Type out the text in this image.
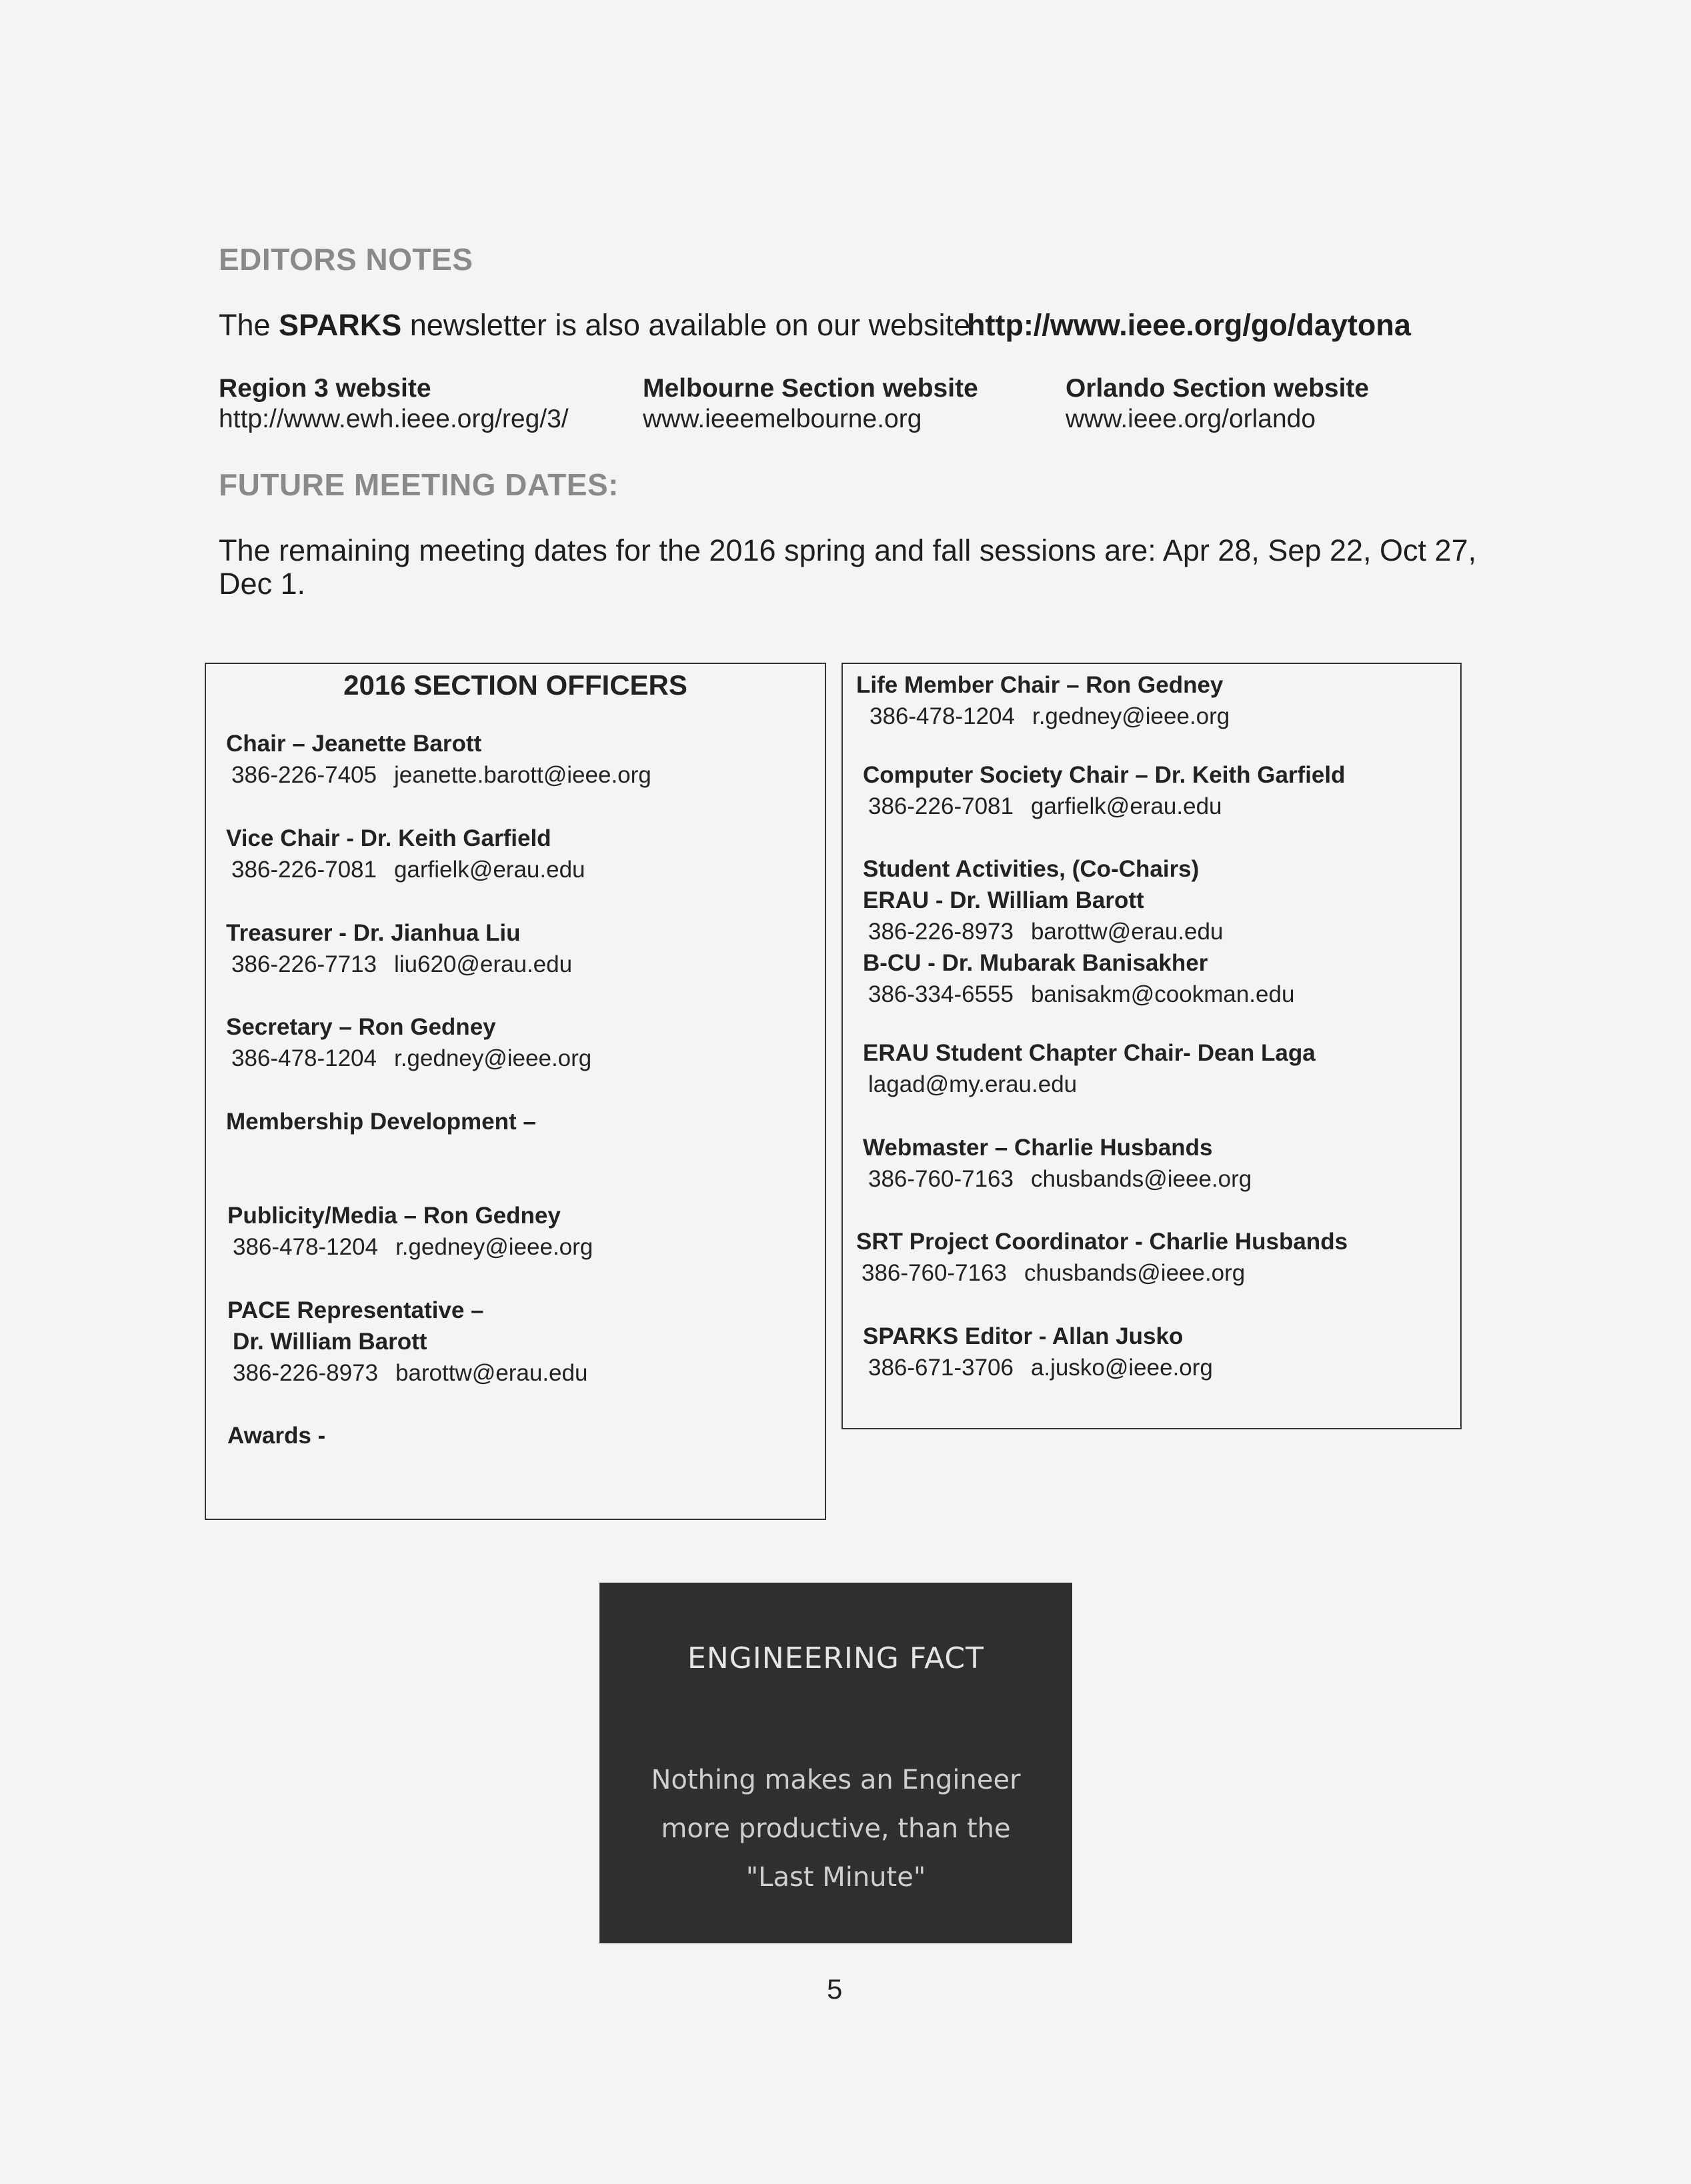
EDITORS NOTES
The SPARKS newsletter is also available on our website
http://www.ieee.org/go/daytona
Region 3 website
http://www.ewh.ieee.org/reg/3/
Melbourne Section website
www.ieeemelbourne.org
Orlando Section website
www.ieee.org/orlando
FUTURE MEETING DATES:
The remaining meeting dates for the 2016 spring and fall sessions are: Apr 28, Sep 22, Oct 27,
Dec 1.
2016 SECTION OFFICERS
Chair – Jeanette Barott
386-226-7405 jeanette.barott@ieee.org
Vice Chair - Dr. Keith Garfield
386-226-7081 garfielk@erau.edu
Treasurer - Dr. Jianhua Liu
386-226-7713 liu620@erau.edu
Secretary – Ron Gedney
386-478-1204 r.gedney@ieee.org
Membership Development –
Publicity/Media – Ron Gedney
386-478-1204 r.gedney@ieee.org
PACE Representative –
Dr. William Barott
386-226-8973 barottw@erau.edu
Awards -
Life Member Chair – Ron Gedney
386-478-1204 r.gedney@ieee.org
Computer Society Chair – Dr. Keith Garfield
386-226-7081 garfielk@erau.edu
Student Activities, (Co-Chairs)
ERAU - Dr. William Barott
386-226-8973 barottw@erau.edu
B-CU - Dr. Mubarak Banisakher
386-334-6555 banisakm@cookman.edu
ERAU Student Chapter Chair- Dean Laga
lagad@my.erau.edu
Webmaster – Charlie Husbands
386-760-7163 chusbands@ieee.org
SRT Project Coordinator - Charlie Husbands
386-760-7163 chusbands@ieee.org
SPARKS Editor - Allan Jusko
386-671-3706 a.jusko@ieee.org
ENGINEERING FACT
Nothing makes an Engineer
more productive, than the
"Last Minute"
5
